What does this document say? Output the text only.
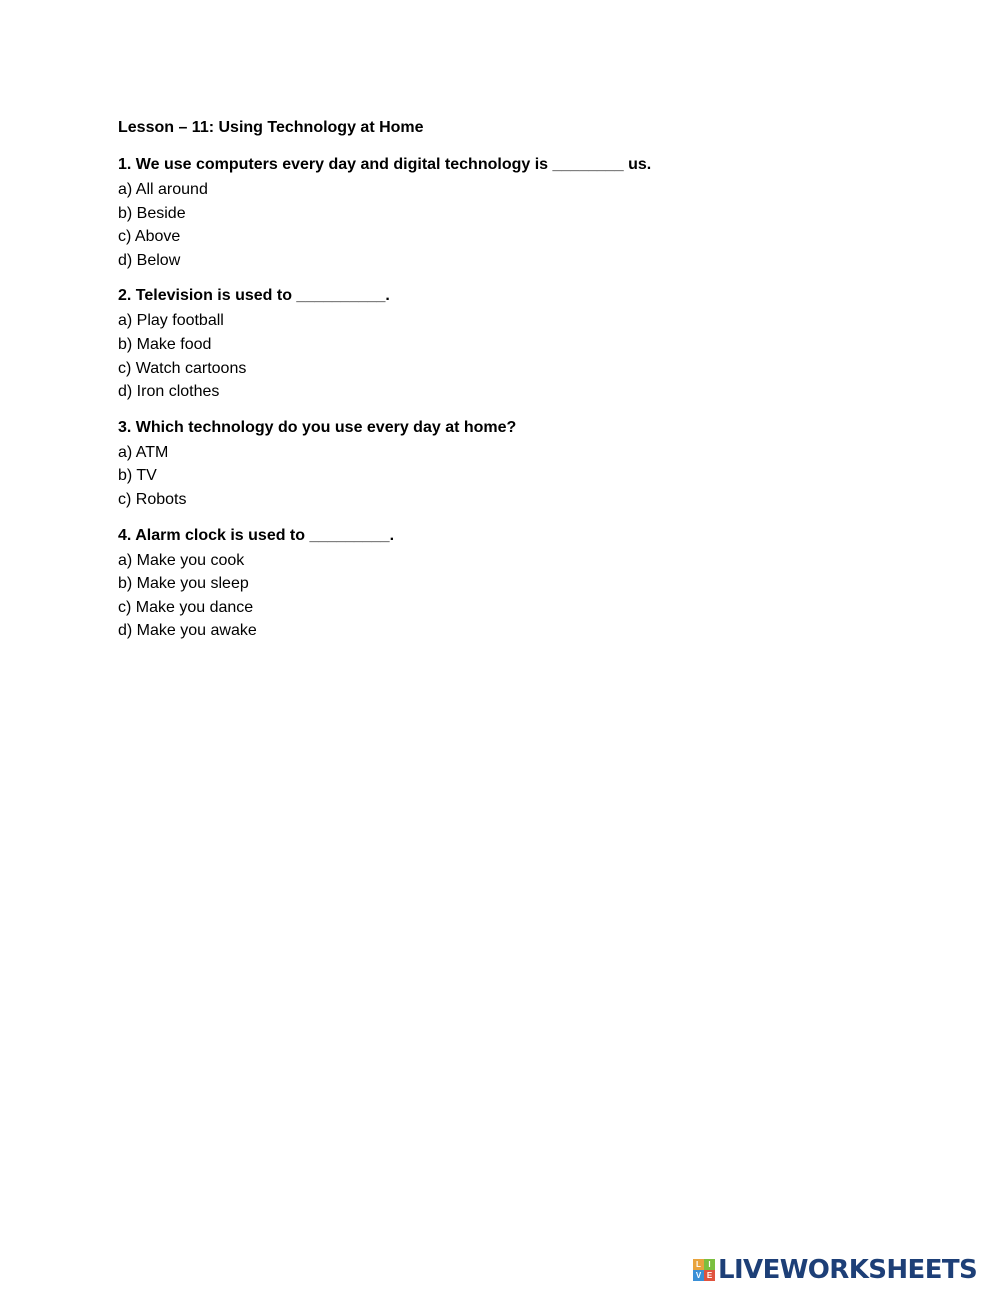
Lesson – 11: Using Technology at Home
1. We use computers every day and digital technology is ________ us.
a) All around
b) Beside
c) Above
d) Below
2. Television is used to __________.
a) Play football
b) Make food
c) Watch cartoons
d) Iron clothes
3. Which technology do you use every day at home?
a) ATM
b) TV
c) Robots
4. Alarm clock is used to _________.
a) Make you cook
b) Make you sleep
c) Make you dance
d) Make you awake
L I
V E LIVEWORKSHEETS
